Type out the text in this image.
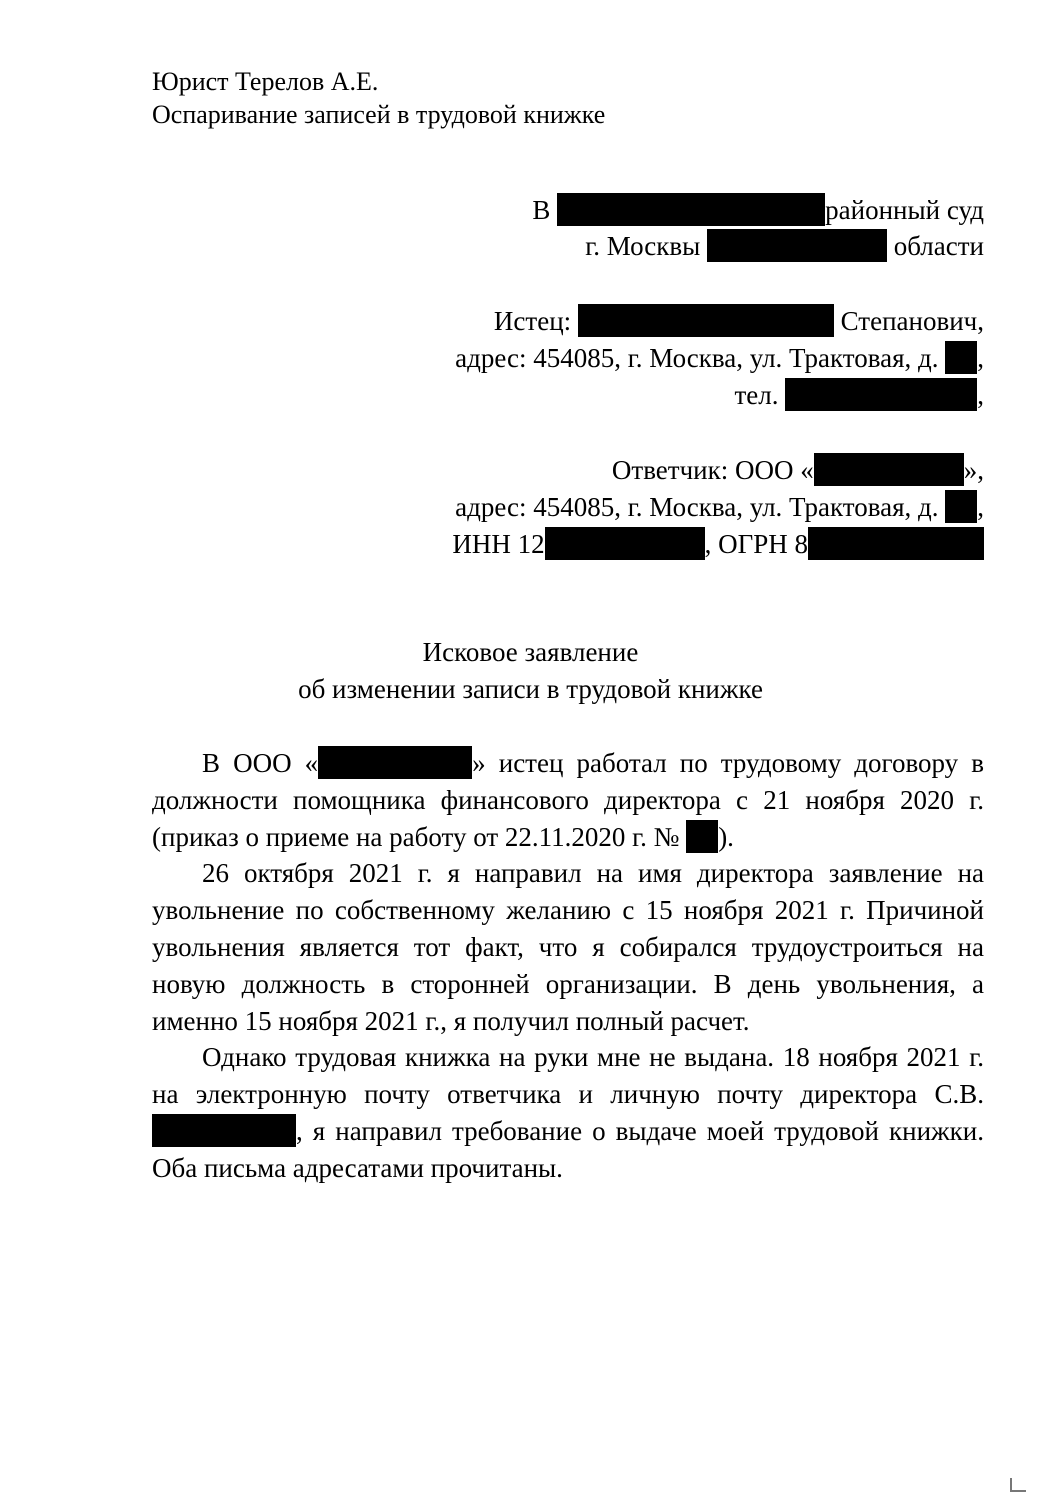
Юрист Терелов А.Е.
Оспаривание записей в трудовой книжке
В	районный суд
г. Москвы	области
Истец:	Степанович,
адрес: 454085, г. Москва, ул. Трактовая, д. ,
тел.	,
Ответчик: ООО «	»,
адрес: 454085, г. Москва, ул. Трактовая, д. ,
ИНН 12	, ОГРН 8
Исковое заявление
об изменении записи в трудовой книжке

В ООО «	» истец работал по трудовому договору в должности помощника финансового директора с 21 ноября 2020 г. (приказ о приеме на работу от 22.11.2020 г. № ).

26 октября 2021 г. я направил на имя директора заявление на увольнение по собственному желанию с 15 ноября 2021 г. Причиной увольнения является тот факт, что я собирался трудоустроиться на новую должность в сторонней организации. В день увольнения, а именно 15 ноября 2021 г., я получил полный расчет.

Однако трудовая книжка на руки мне не выдана. 18 ноября 2021 г. на электронную почту ответчика и личную почту директора С.В. , я направил требование о выдаче моей трудовой книжки. Оба письма адресатами прочитаны.
